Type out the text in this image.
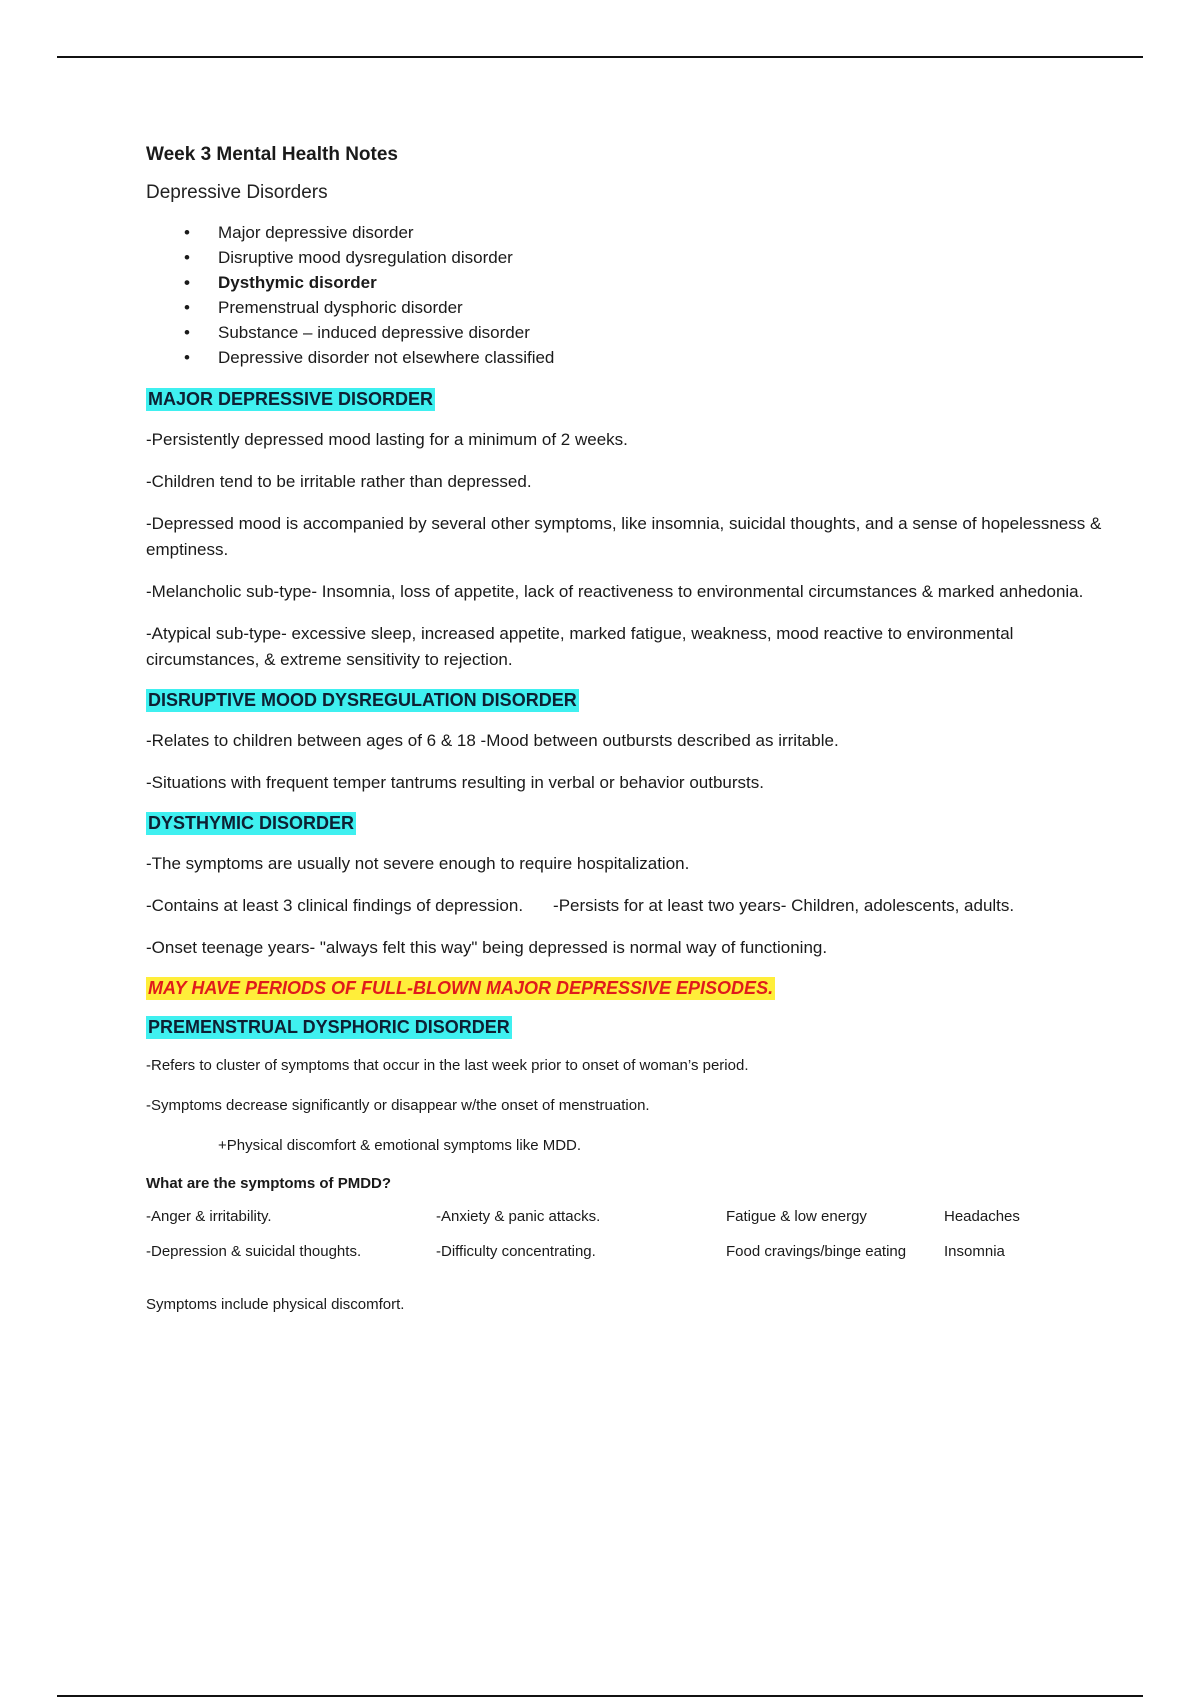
Week 3 Mental Health Notes
Depressive Disorders
• Major depressive disorder
• Disruptive mood dysregulation disorder
• Dysthymic disorder
• Premenstrual dysphoric disorder
• Substance – induced depressive disorder
• Depressive disorder not elsewhere classified
MAJOR DEPRESSIVE DISORDER
-Persistently depressed mood lasting for a minimum of 2 weeks.
-Children tend to be irritable rather than depressed.
-Depressed mood is accompanied by several other symptoms, like insomnia, suicidal thoughts, and a sense of hopelessness & emptiness.
-Melancholic sub-type- Insomnia, loss of appetite, lack of reactiveness to environmental circumstances & marked anhedonia.
-Atypical sub-type- excessive sleep, increased appetite, marked fatigue, weakness, mood reactive to environmental circumstances, & extreme sensitivity to rejection.
DISRUPTIVE MOOD DYSREGULATION DISORDER
-Relates to children between ages of 6 & 18 -Mood between outbursts described as irritable.
-Situations with frequent temper tantrums resulting in verbal or behavior outbursts.
DYSTHYMIC DISORDER
-The symptoms are usually not severe enough to require hospitalization.
-Contains at least 3 clinical findings of depression. -Persists for at least two years- Children, adolescents, adults.
-Onset teenage years- "always felt this way" being depressed is normal way of functioning.
MAY HAVE PERIODS OF FULL-BLOWN MAJOR DEPRESSIVE EPISODES.
PREMENSTRUAL DYSPHORIC DISORDER
-Refers to cluster of symptoms that occur in the last week prior to onset of woman’s period.
-Symptoms decrease significantly or disappear w/the onset of menstruation.
+Physical discomfort & emotional symptoms like MDD.
What are the symptoms of PMDD?
-Anger & irritability.	-Anxiety & panic attacks.	Fatigue & low energy	Headaches
-Depression & suicidal thoughts.	-Difficulty concentrating.	Food cravings/binge eating	Insomnia
Symptoms include physical discomfort.
